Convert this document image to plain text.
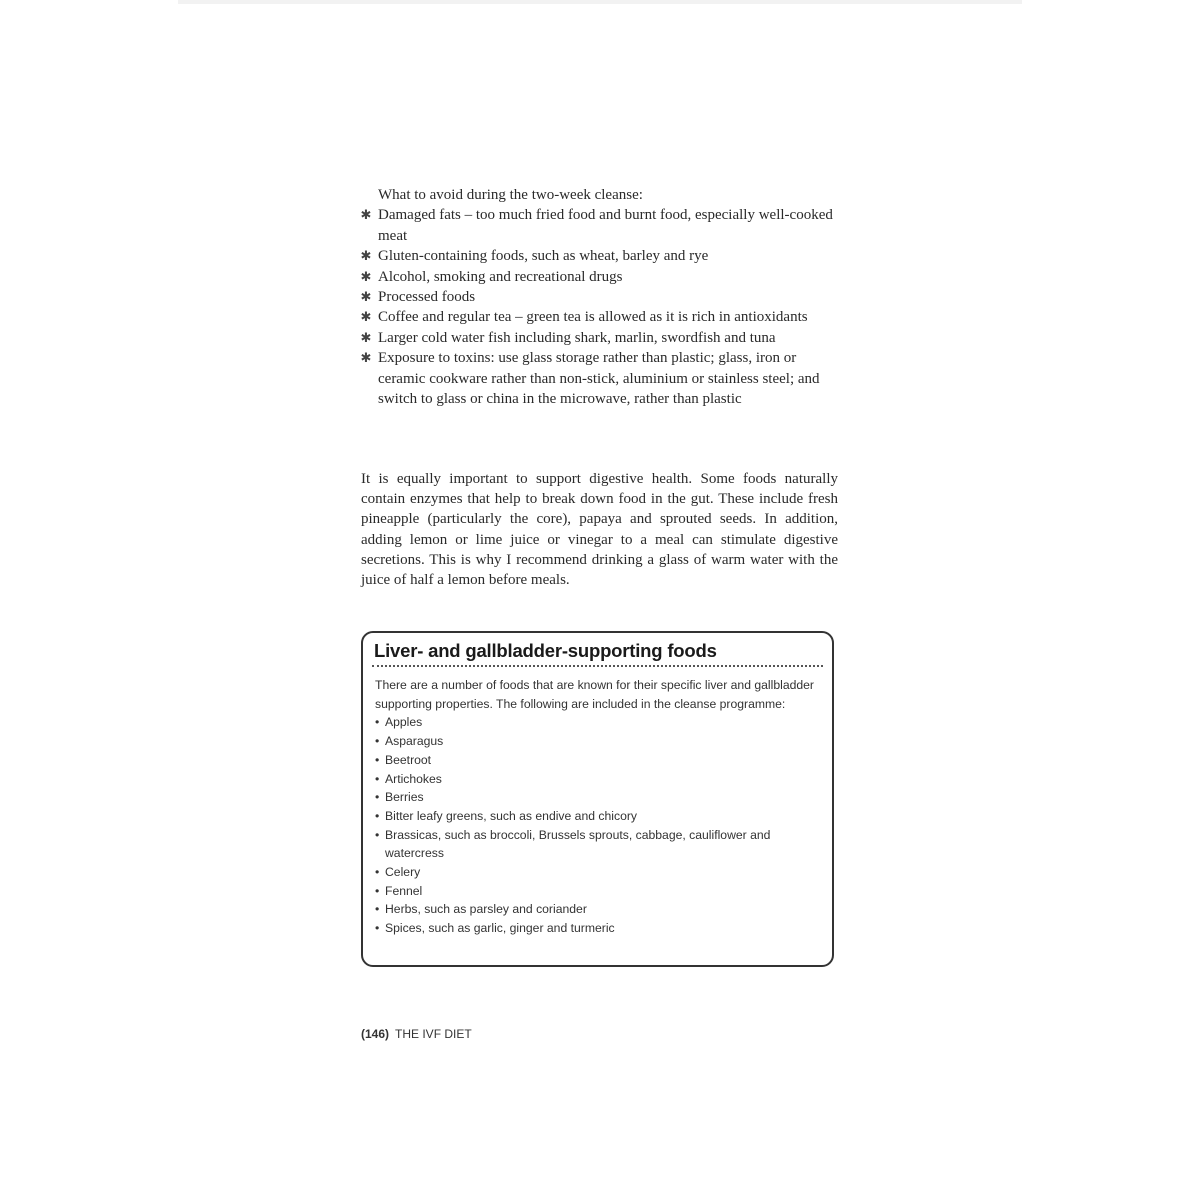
What to avoid during the two-week cleanse:

✱ Damaged fats – too much fried food and burnt food, especially well-cooked meat
✱ Gluten-containing foods, such as wheat, barley and rye
✱ Alcohol, smoking and recreational drugs
✱ Processed foods
✱ Coffee and regular tea – green tea is allowed as it is rich in antioxidants
✱ Larger cold water fish including shark, marlin, swordfish and tuna
✱ Exposure to toxins: use glass storage rather than plastic; glass, iron or ceramic cookware rather than non-stick, aluminium or stainless steel; and switch to glass or china in the microwave, rather than plastic

It is equally important to support digestive health. Some foods naturally contain enzymes that help to break down food in the gut. These include fresh pineapple (particularly the core), papaya and sprouted seeds. In addition, adding lemon or lime juice or vinegar to a meal can stimulate digestive secretions. This is why I recommend drinking a glass of warm water with the juice of half a lemon before meals.

Liver- and gallbladder-supporting foods

There are a number of foods that are known for their specific liver and gallbladder supporting properties. The following are included in the cleanse programme:

• Apples
• Asparagus
• Beetroot
• Artichokes
• Berries
• Bitter leafy greens, such as endive and chicory
• Brassicas, such as broccoli, Brussels sprouts, cabbage, cauliflower and watercress
• Celery
• Fennel
• Herbs, such as parsley and coriander
• Spices, such as garlic, ginger and turmeric
(146) THE IVF DIET
